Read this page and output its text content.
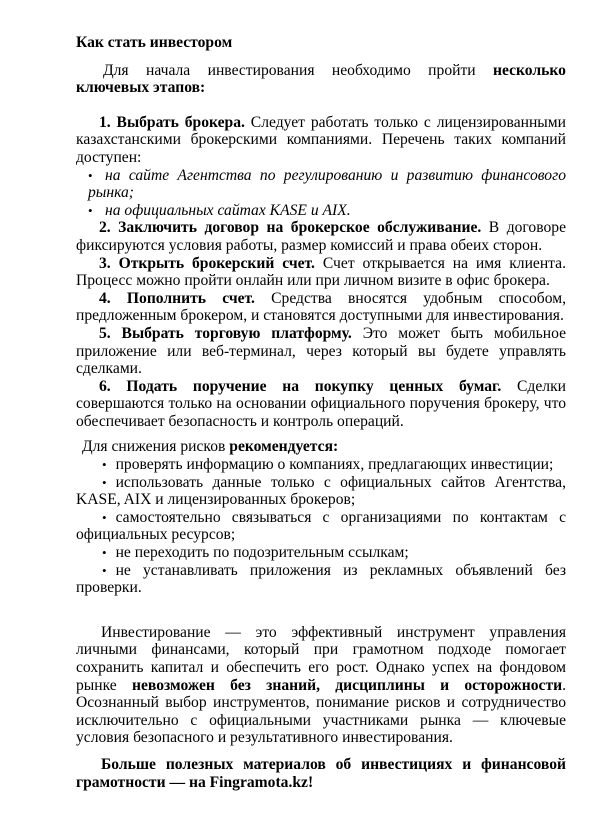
Как стать инвестором

Для начала инвестирования необходимо пройти несколько ключевых этапов:

1. Выбрать брокера. Следует работать только с лицензированными казахстанскими брокерскими компаниями. Перечень таких компаний доступен:

• на сайте Агентства по регулированию и развитию финансового рынка;
• на официальных сайтах KASE и AIX.

2. Заключить договор на брокерское обслуживание. В договоре фиксируются условия работы, размер комиссий и права обеих сторон.

3. Открыть брокерский счет. Счет открывается на имя клиента. Процесс можно пройти онлайн или при личном визите в офис брокера.

4. Пополнить счет. Средства вносятся удобным способом, предложенным брокером, и становятся доступными для инвестирования.

5. Выбрать торговую платформу. Это может быть мобильное приложение или веб-терминал, через который вы будете управлять сделками.

6. Подать поручение на покупку ценных бумаг. Сделки совершаются только на основании официального поручения брокеру, что обеспечивает безопасность и контроль операций.

Для снижения рисков рекомендуется:

• проверять информацию о компаниях, предлагающих инвестиции;
• использовать данные только с официальных сайтов Агентства, KASE, AIX и лицензированных брокеров;
• самостоятельно связываться с организациями по контактам с официальных ресурсов;
• не переходить по подозрительным ссылкам;
• не устанавливать приложения из рекламных объявлений без проверки.

Инвестирование — это эффективный инструмент управления личными финансами, который при грамотном подходе помогает сохранить капитал и обеспечить его рост. Однако успех на фондовом рынке невозможен без знаний, дисциплины и осторожности. Осознанный выбор инструментов, понимание рисков и сотрудничество исключительно с официальными участниками рынка — ключевые условия безопасного и результативного инвестирования.

Больше полезных материалов об инвестициях и финансовой грамотности — на Fingramota.kz!
